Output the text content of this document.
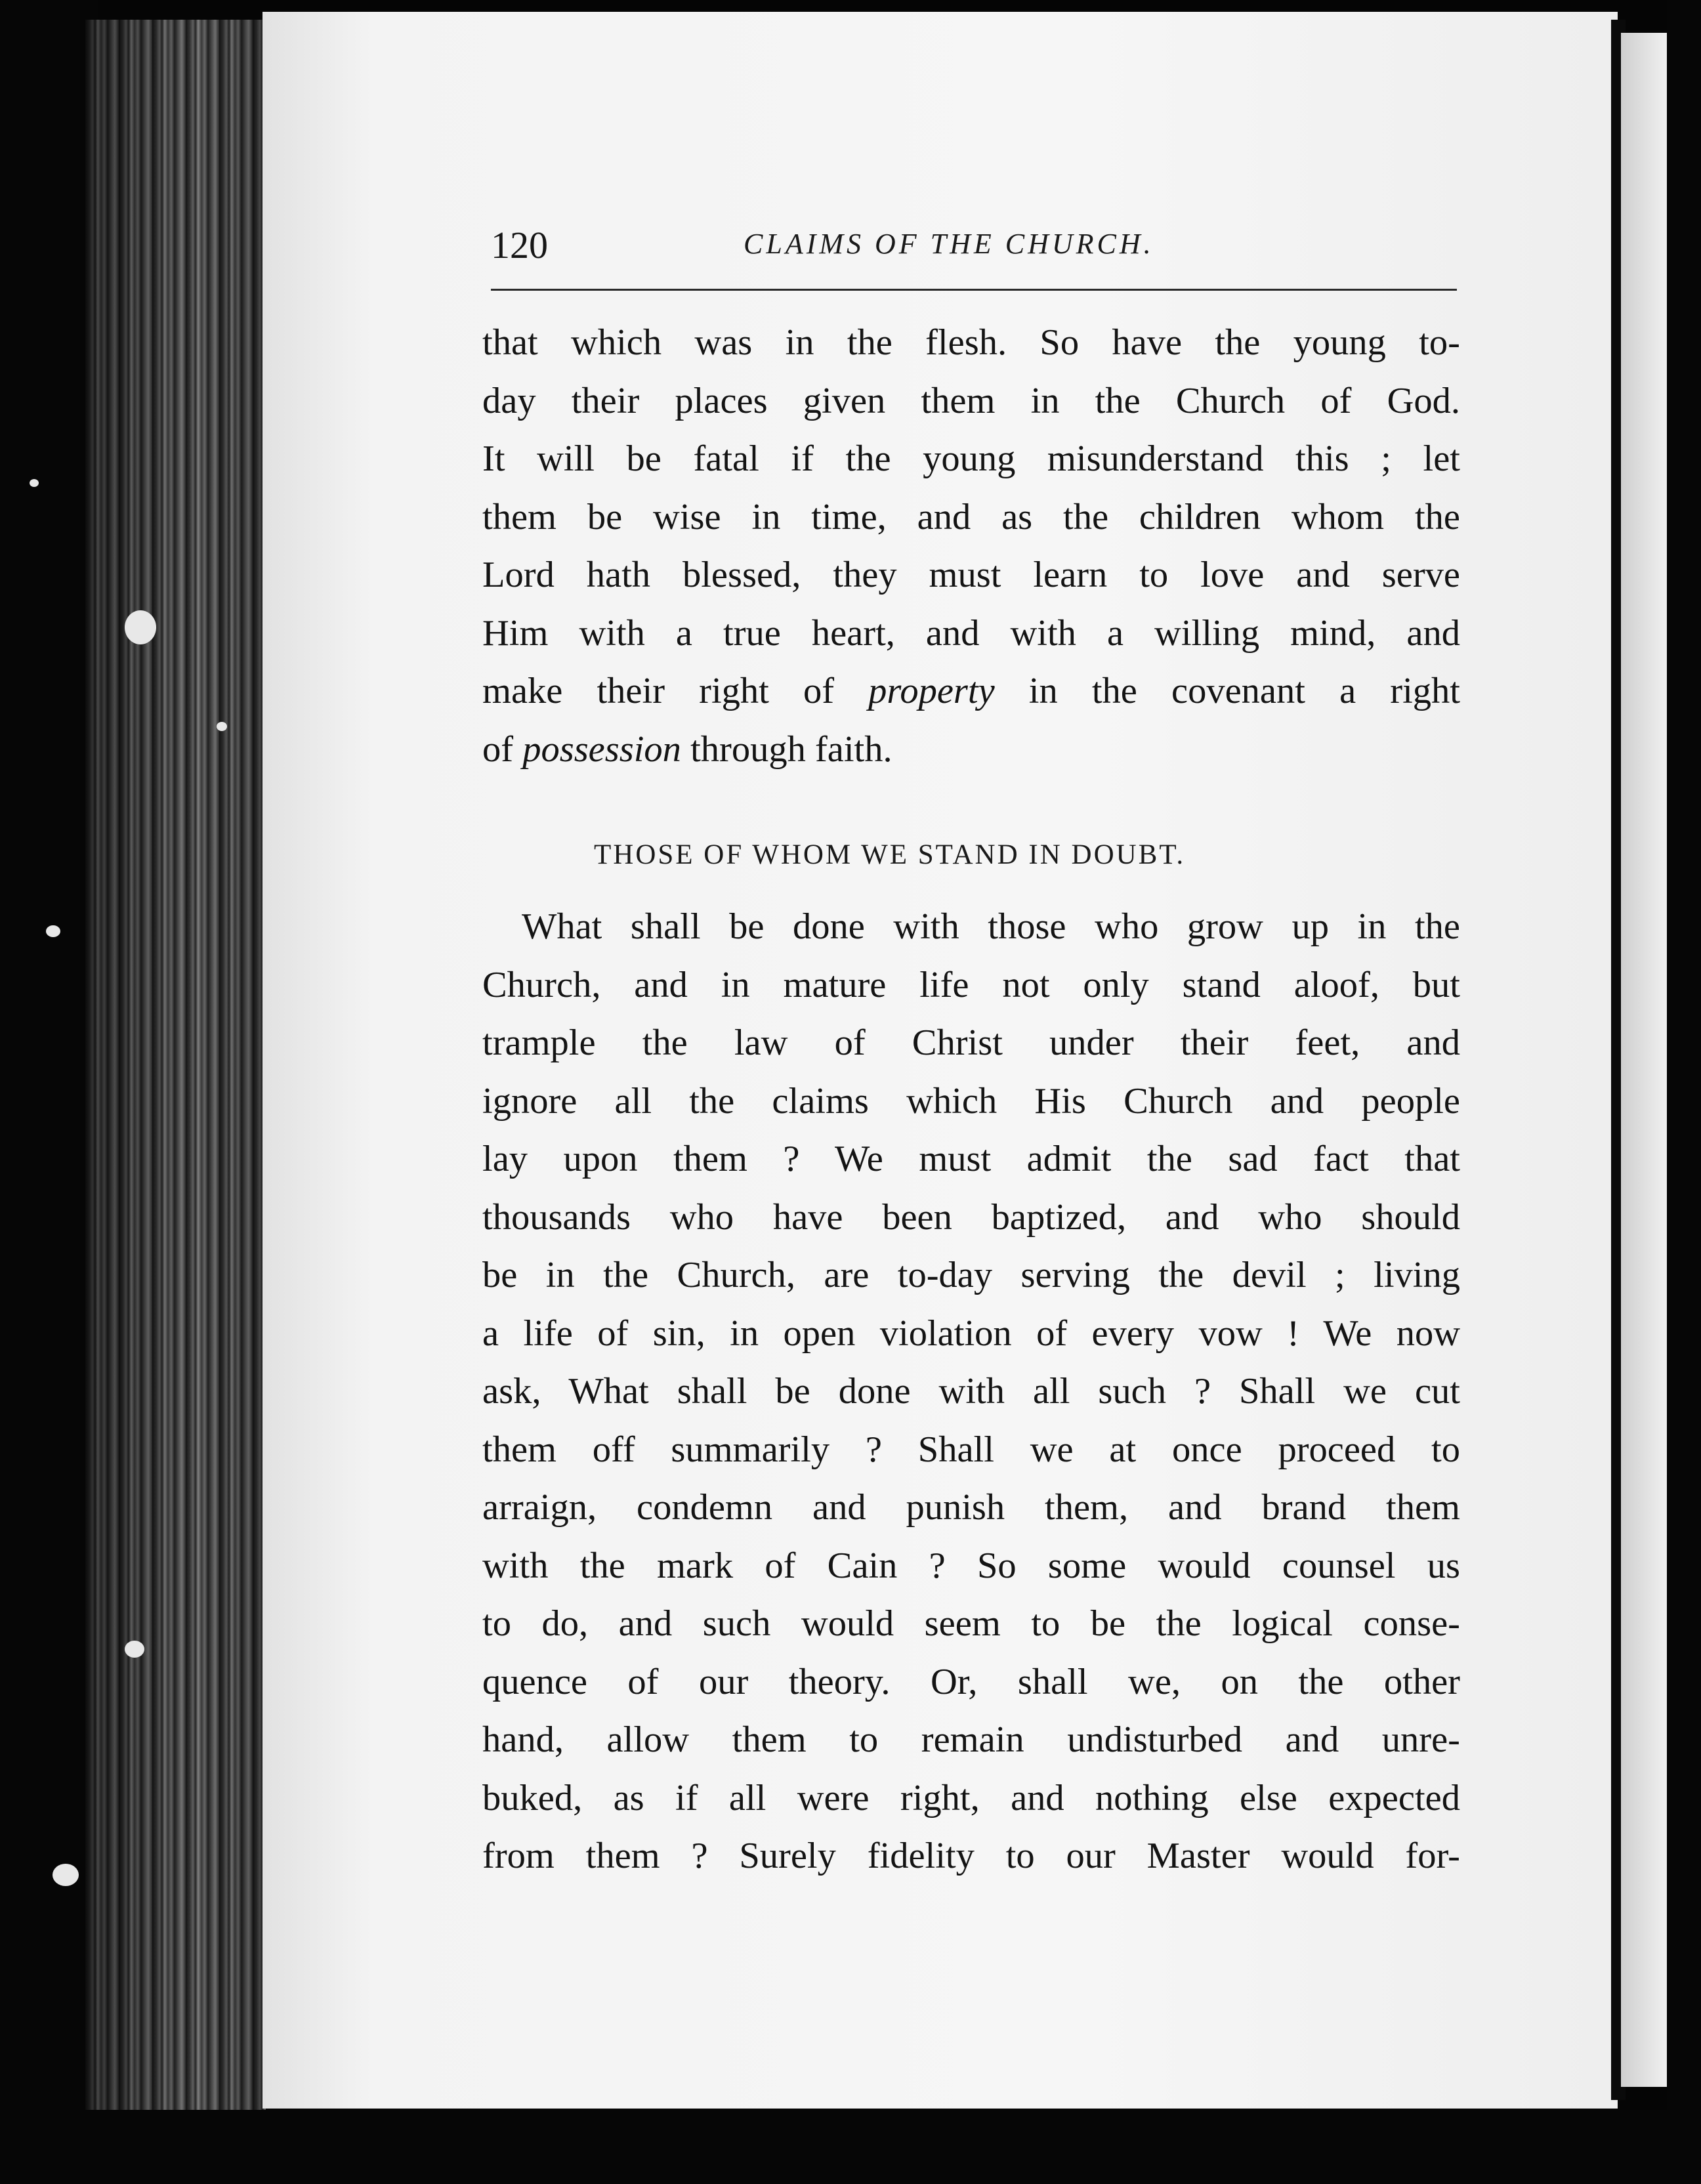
120	CLAIMS OF THE CHURCH.
that which was in the flesh. So have the young to-
day their places given them in the Church of God.
It will be fatal if the young misunderstand this ; let
them be wise in time, and as the children whom the
Lord hath blessed, they must learn to love and serve
Him with a true heart, and with a willing mind, and
make their right of property in the covenant a right
of possession through faith.
THOSE OF WHOM WE STAND IN DOUBT.
What shall be done with those who grow up in the
Church, and in mature life not only stand aloof, but
trample the law of Christ under their feet, and
ignore all the claims which His Church and people
lay upon them ? We must admit the sad fact that
thousands who have been baptized, and who should
be in the Church, are to-day serving the devil ; living
a life of sin, in open violation of every vow ! We now
ask, What shall be done with all such ? Shall we cut
them off summarily ? Shall we at once proceed to
arraign, condemn and punish them, and brand them
with the mark of Cain ? So some would counsel us
to do, and such would seem to be the logical conse-
quence of our theory. Or, shall we, on the other
hand, allow them to remain undisturbed and unre-
buked, as if all were right, and nothing else expected
from them ? Surely fidelity to our Master would for-
